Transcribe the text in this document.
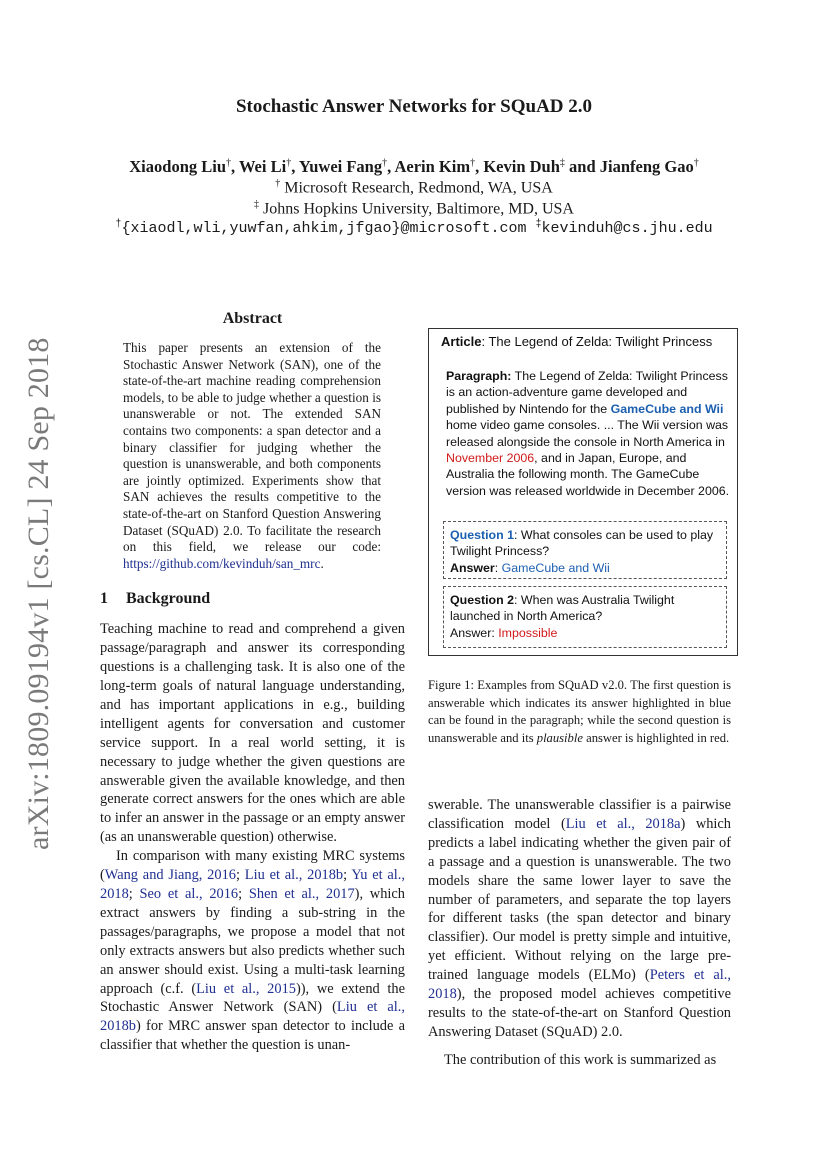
arXiv:1809.09194v1 [cs.CL] 24 Sep 2018
Stochastic Answer Networks for SQuAD 2.0
Xiaodong Liu†, Wei Li†, Yuwei Fang†, Aerin Kim†, Kevin Duh‡ and Jianfeng Gao†
† Microsoft Research, Redmond, WA, USA
‡ Johns Hopkins University, Baltimore, MD, USA
†{xiaodl,wli,yuwfan,ahkim,jfgao}@microsoft.com ‡kevinduh@cs.jhu.edu
Abstract

This paper presents an extension of the Stochastic Answer Network (SAN), one of the state-of-the-art machine reading comprehension models, to be able to judge whether a question is unanswerable or not. The extended SAN contains two components: a span detector and a binary classifier for judging whether the question is unanswerable, and both components are jointly optimized. Experiments show that SAN achieves the results competitive to the state-of-the-art on Stanford Question Answering Dataset (SQuAD) 2.0. To facilitate the research on this field, we release our code: https://github.com/kevinduh/san_mrc.

1 Background

Teaching machine to read and comprehend a given passage/paragraph and answer its corresponding questions is a challenging task. It is also one of the long-term goals of natural language understanding, and has important applications in e.g., building intelligent agents for conversation and customer service support. In a real world setting, it is necessary to judge whether the given questions are answerable given the available knowledge, and then generate correct answers for the ones which are able to infer an answer in the passage or an empty answer (as an unanswerable question) otherwise.

In comparison with many existing MRC systems (Wang and Jiang, 2016; Liu et al., 2018b; Yu et al., 2018; Seo et al., 2016; Shen et al., 2017), which extract answers by finding a sub-string in the passages/paragraphs, we propose a model that not only extracts answers but also predicts whether such an answer should exist. Using a multi-task learning approach (c.f. (Liu et al., 2015)), we extend the Stochastic Answer Network (SAN) (Liu et al., 2018b) for MRC answer span detector to include a classifier that whether the question is unan-

Article: The Legend of Zelda: Twilight Princess

Paragraph: The Legend of Zelda: Twilight Princess is an action-adventure game developed and published by Nintendo for the GameCube and Wii home video game consoles. ... The Wii version was released alongside the console in North America in November 2006, and in Japan, Europe, and Australia the following month. The GameCube version was released worldwide in December 2006.

Question 1: What consoles can be used to play Twilight Princess?
Answer: GameCube and Wii
Question 2: When was Australia Twilight launched in North America?
Answer: Impossible

Figure 1: Examples from SQuAD v2.0. The first question is answerable which indicates its answer highlighted in blue can be found in the paragraph; while the second question is unanswerable and its plausible answer is highlighted in red.

swerable. The unanswerable classifier is a pairwise classification model (Liu et al., 2018a) which predicts a label indicating whether the given pair of a passage and a question is unanswerable. The two models share the same lower layer to save the number of parameters, and separate the top layers for different tasks (the span detector and binary classifier). Our model is pretty simple and intuitive, yet efficient. Without relying on the large pre-trained language models (ELMo) (Peters et al., 2018), the proposed model achieves competitive results to the state-of-the-art on Stanford Question Answering Dataset (SQuAD) 2.0.

The contribution of this work is summarized as
